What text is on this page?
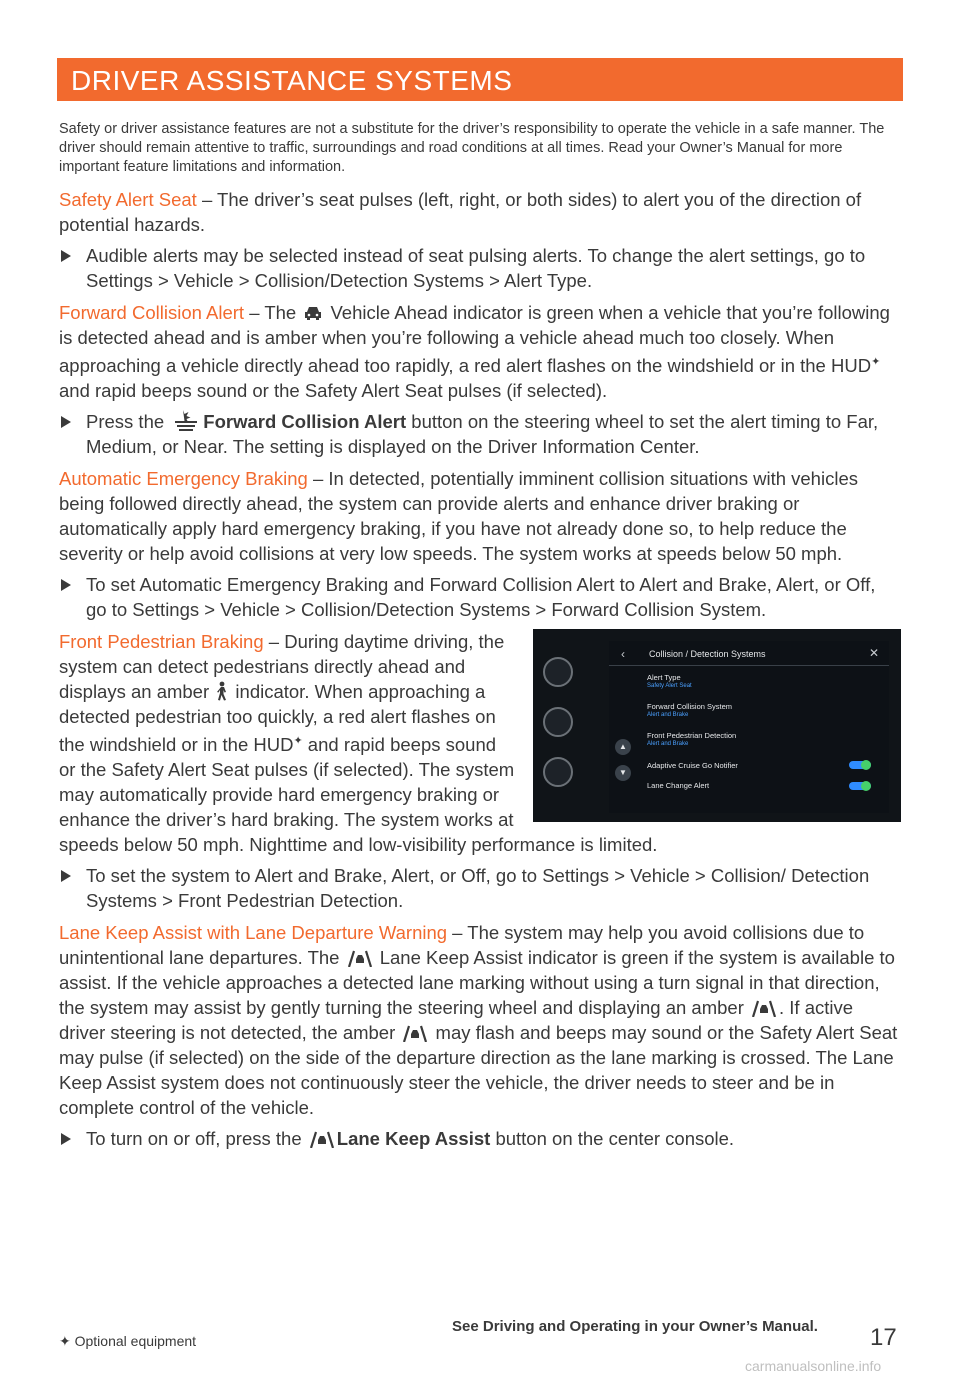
DRIVER ASSISTANCE SYSTEMS

Safety or driver assistance features are not a substitute for the driver’s responsibility to operate the vehicle in a safe manner. The driver should remain attentive to traffic, surroundings and road conditions at all times. Read your Owner’s Manual for more important feature limitations and information.

Safety Alert Seat – The driver’s seat pulses (left, right, or both sides) to alert you of the direction of potential hazards.

Audible alerts may be selected instead of seat pulsing alerts. To change the alert settings, go to Settings > Vehicle > Collision/Detection Systems > Alert Type.

Forward Collision Alert – The  Vehicle Ahead indicator is green when a vehicle that you’re following is detected ahead and is amber when you’re following a vehicle ahead much too closely. When approaching a vehicle directly ahead too rapidly, a red alert flashes on the windshield or in the HUD✦ and rapid beeps sound or the Safety Alert Seat pulses (if selected).

Press the Forward Collision Alert button on the steering wheel to set the alert timing to Far, Medium, or Near. The setting is displayed on the Driver Information Center.

Automatic Emergency Braking – In detected, potentially imminent collision situations with vehicles being followed directly ahead, the system can provide alerts and enhance driver braking or automatically apply hard emergency braking, if you have not already done so, to help reduce the severity or help avoid collisions at very low speeds. The system works at speeds below 50 mph.

To set Automatic Emergency Braking and Forward Collision Alert to Alert and Brake, Alert, or Off, go to Settings > Vehicle > Collision/Detection Systems > Forward Collision System.
‹	Collision / Detection Systems	✕
Alert Type
Safety Alert Seat
Forward Collision System
Alert and Brake
Front Pedestrian Detection
Alert and Brake
Adaptive Cruise Go Notifier
Lane Change Alert
▲
▼

Front Pedestrian Braking – During daytime driving, the system can detect pedestrians directly ahead and displays an amber  indicator. When approaching a detected pedestrian too quickly, a red alert flashes on the windshield or in the HUD✦ and rapid beeps sound or the Safety Alert Seat pulses (if selected). The system may automatically provide hard emergency braking or enhance the driver’s hard braking. The system works at speeds below 50 mph. Nighttime and low-visibility performance is limited.

To set the system to Alert and Brake, Alert, or Off, go to Settings > Vehicle > Collision/ Detection Systems > Front Pedestrian Detection.

Lane Keep Assist with Lane Departure Warning – The system may help you avoid collisions due to unintentional lane departures. The  Lane Keep Assist indicator is green if the system is available to assist. If the vehicle approaches a detected lane marking without using a turn signal in that direction, the system may assist by gently turning the steering wheel and displaying an amber . If active driver steering is not detected, the amber  may flash and beeps may sound or the Safety Alert Seat may pulse (if selected) on the side of the departure direction as the lane marking is crossed. The Lane Keep Assist system does not continuously steer the vehicle, the driver needs to steer and be in complete control of the vehicle.

To turn on or off, press the Lane Keep Assist button on the center console.
See Driving and Operating in your Owner’s Manual.
✦ Optional equipment	17
carmanualsonline.info
